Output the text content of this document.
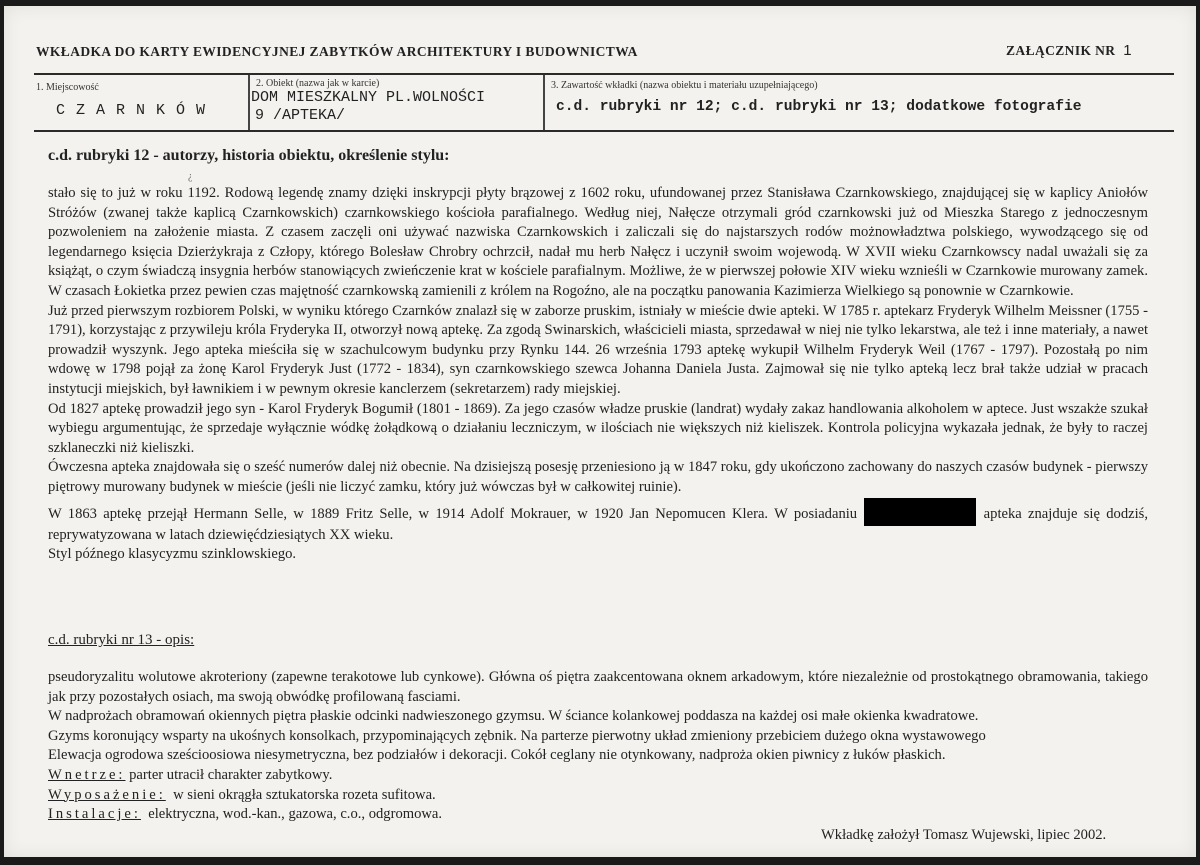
WKŁADKA DO KARTY EWIDENCYJNEJ ZABYTKÓW ARCHITEKTURY I BUDOWNICTWA	ZAŁĄCZNIK NR 1
1. Miejscowość
C Z A R N K Ó W
2. Obiekt (nazwa jak w karcie)
DOM MIESZKALNY PL.WOLNOŚCI
9 /APTEKA/
3. Zawartość wkładki (nazwa obiektu i materiału uzupełniającego)
c.d. rubryki nr 12; c.d. rubryki nr 13; dodatkowe fotografie
c.d. rubryki 12 - autorzy, historia obiektu, określenie stylu:
¿

stało się to już w roku 1192. Rodową legendę znamy dzięki inskrypcji płyty brązowej z 1602 roku, ufundowanej przez Stanisława Czarnkowskiego, znajdującej się w kaplicy Aniołów Stróżów (zwanej także kaplicą Czarnkowskich) czarnkowskiego kościoła parafialnego. Według niej, Nałęcze otrzymali gród czarnkowski już od Mieszka Starego z jednoczesnym pozwoleniem na założenie miasta. Z czasem zaczęli oni używać nazwiska Czarnkowskich i zaliczali się do najstarszych rodów możnowładztwa polskiego, wywodzącego się od legendarnego księcia Dzierżykraja z Człopy, którego Bolesław Chrobry ochrzcił, nadał mu herb Nałęcz i uczynił swoim wojewodą. W XVII wieku Czarnkowscy nadal uważali się za książąt, o czym świadczą insygnia herbów stanowiących zwieńczenie krat w kościele parafialnym. Możliwe, że w pierwszej połowie XIV wieku wznieśli w Czarnkowie murowany zamek. W czasach Łokietka przez pewien czas majętność czarnkowską zamienili z królem na Rogoźno, ale na początku panowania Kazimierza Wielkiego są ponownie w Czarnkowie.

Już przed pierwszym rozbiorem Polski, w wyniku którego Czarnków znalazł się w zaborze pruskim, istniały w mieście dwie apteki. W 1785 r. aptekarz Fryderyk Wilhelm Meissner (1755 - 1791), korzystając z przywileju króla Fryderyka II, otworzył nową aptekę. Za zgodą Swinarskich, właścicieli miasta, sprzedawał w niej nie tylko lekarstwa, ale też i inne materiały, a nawet prowadził wyszynk. Jego apteka mieściła się w szachulcowym budynku przy Rynku 144. 26 września 1793 aptekę wykupił Wilhelm Fryderyk Weil (1767 - 1797). Pozostałą po nim wdowę w 1798 pojął za żonę Karol Fryderyk Just (1772 - 1834), syn czarnkowskiego szewca Johanna Daniela Justa. Zajmował się nie tylko apteką lecz brał także udział w pracach instytucji miejskich, był ławnikiem i w pewnym okresie kanclerzem (sekretarzem) rady miejskiej.

Od 1827 aptekę prowadził jego syn - Karol Fryderyk Bogumił (1801 - 1869). Za jego czasów władze pruskie (landrat) wydały zakaz handlowania alkoholem w aptece. Just wszakże szukał wybiegu argumentując, że sprzedaje wyłącznie wódkę żołądkową o działaniu leczniczym, w ilościach nie większych niż kieliszek. Kontrola policyjna wykazała jednak, że były to raczej szklaneczki niż kieliszki.

Ówczesna apteka znajdowała się o sześć numerów dalej niż obecnie. Na dzisiejszą posesję przeniesiono ją w 1847 roku, gdy ukończono zachowany do naszych czasów budynek - pierwszy piętrowy murowany budynek w mieście (jeśli nie liczyć zamku, który już wówczas był w całkowitej ruinie).

W 1863 aptekę przejął Hermann Selle, w 1889 Fritz Selle, w 1914 Adolf Mokrauer, w 1920 Jan Nepomucen Klera. W posiadaniu	apteka znajduje się dodziś, reprywatyzowana w latach dziewięćdziesiątych XX wieku.

Styl późnego klasycyzmu szinklowskiego.

c.d. rubryki nr 13 - opis:

pseudoryzalitu wolutowe akroteriony (zapewne terakotowe lub cynkowe). Główna oś piętra zaakcentowana oknem arkadowym, które niezależnie od prostokątnego obramowania, takiego jak przy pozostałych osiach, ma swoją obwódkę profilowaną fasciami.

W nadprożach obramowań okiennych piętra płaskie odcinki nadwieszonego gzymsu. W ściance kolankowej poddasza na każdej osi małe okienka kwadratowe.

Gzyms koronujący wsparty na ukośnych konsolkach, przypominających zębnik. Na parterze pierwotny układ zmieniony przebiciem dużego okna wystawowego

Elewacja ogrodowa sześcioosiowa niesymetryczna, bez podziałów i dekoracji. Cokół ceglany nie otynkowany, nadproża okien piwnicy z łuków płaskich.

Wnetrze: parter utracił charakter zabytkowy.

Wyposażenie:  w sieni okrągła sztukatorska rozeta sufitowa.

Instalacje:  elektryczna, wod.-kan., gazowa, c.o., odgromowa.

Wkładkę założył Tomasz Wujewski, lipiec 2002.
